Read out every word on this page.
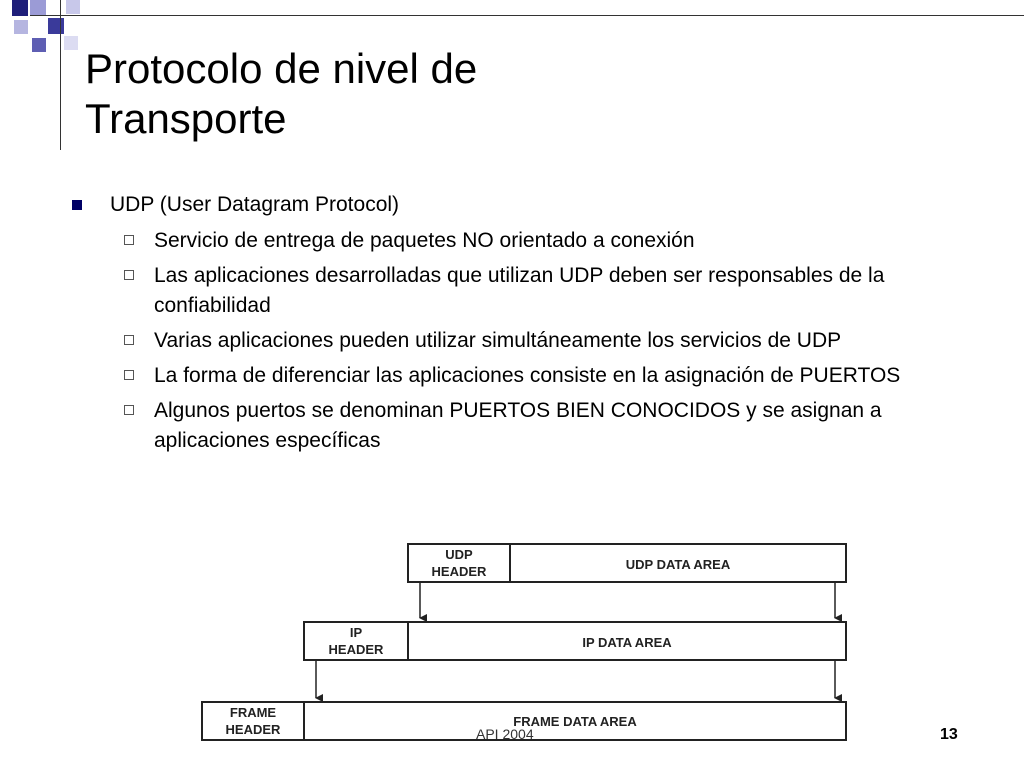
Protocolo de nivel de
Transporte
UDP (User Datagram Protocol)
Servicio de entrega de paquetes NO orientado a conexión
Las aplicaciones desarrolladas que utilizan UDP deben ser responsables de la confiabilidad
Varias aplicaciones pueden utilizar simultáneamente los servicios de UDP
La forma de diferenciar las aplicaciones consiste en la asignación de PUERTOS
Algunos puertos se denominan PUERTOS BIEN CONOCIDOS y se asignan a aplicaciones específicas
UDP
HEADER	UDP DATA AREA
IP
HEADER	IP DATA AREA
FRAME
HEADER
FRAME DATA AREA
API 2004	13
